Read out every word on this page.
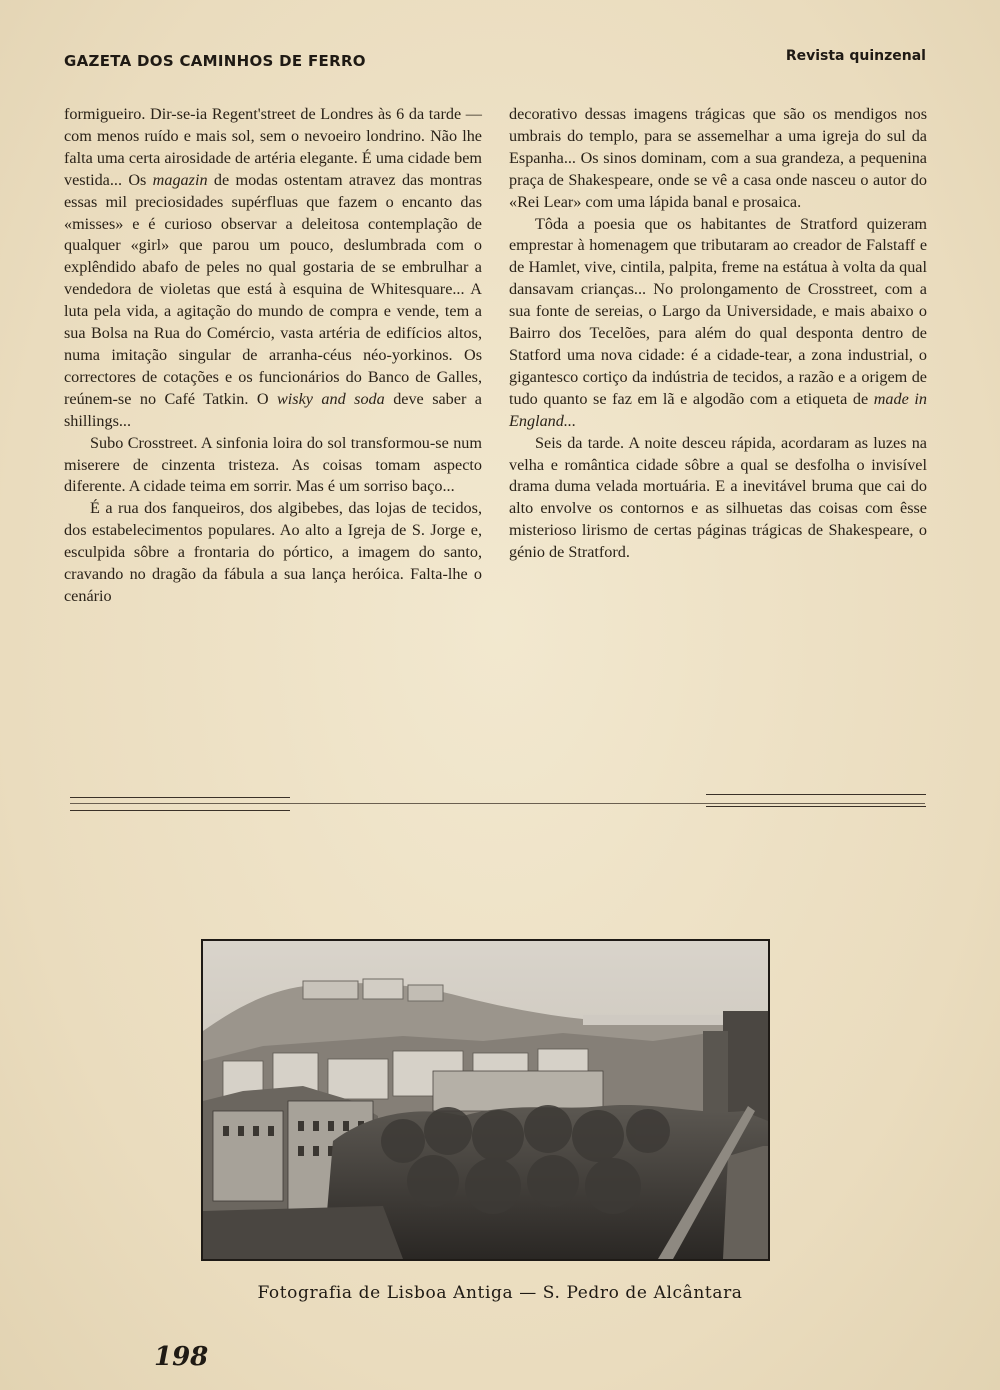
GAZETA DOS CAMINHOS DE FERRO	Revista quinzenal

formigueiro. Dir-se-ia Regent'street de Londres às 6 da tarde — com menos ruído e mais sol, sem o nevoeiro londrino. Não lhe falta uma certa airosidade de artéria elegante. É uma cidade bem vestida... Os magazin de modas ostentam atravez das montras essas mil preciosidades supérfluas que fazem o encanto das «misses» e é curioso observar a deleitosa contemplação de qualquer «girl» que parou um pouco, deslumbrada com o explêndido abafo de peles no qual gostaria de se embrulhar a vendedora de violetas que está à esquina de Whitesquare... A luta pela vida, a agitação do mundo de compra e vende, tem a sua Bolsa na Rua do Comércio, vasta artéria de edifícios altos, numa imitação singular de arranha-céus néo-yorkinos. Os correctores de cotações e os funcionários do Banco de Galles, reúnem-se no Café Tatkin. O wisky and soda deve saber a shillings...

Subo Crosstreet. A sinfonia loira do sol transformou-se num miserere de cinzenta tristeza. As coisas tomam aspecto diferente. A cidade teima em sorrir. Mas é um sorriso baço...

É a rua dos fanqueiros, dos algibebes, das lojas de tecidos, dos estabelecimentos populares. Ao alto a Igreja de S. Jorge e, esculpida sôbre a frontaria do pórtico, a imagem do santo, cravando no dragão da fábula a sua lança heróica. Falta-lhe o cenário

decorativo dessas imagens trágicas que são os mendigos nos umbrais do templo, para se assemelhar a uma igreja do sul da Espanha... Os sinos dominam, com a sua grandeza, a pequenina praça de Shakespeare, onde se vê a casa onde nasceu o autor do «Rei Lear» com uma lápida banal e prosaica.

Tôda a poesia que os habitantes de Stratford quizeram emprestar à homenagem que tributaram ao creador de Falstaff e de Hamlet, vive, cintila, palpita, freme na estátua à volta da qual dansavam crianças... No prolongamento de Crosstreet, com a sua fonte de sereias, o Largo da Universidade, e mais abaixo o Bairro dos Tecelões, para além do qual desponta dentro de Statford uma nova cidade: é a cidade-tear, a zona industrial, o gigantesco cortiço da indústria de tecidos, a razão e a origem de tudo quanto se faz em lã e algodão com a etiqueta de made in England...

Seis da tarde. A noite desceu rápida, acordaram as luzes na velha e romântica cidade sôbre a qual se desfolha o invisível drama duma velada mortuária. E a inevitável bruma que cai do alto envolve os contornos e as silhuetas das coisas com êsse misterioso lirismo de certas páginas trágicas de Shakespeare, o génio de Stratford.

Fotografia de Lisboa Antiga — S. Pedro de Alcântara
198
